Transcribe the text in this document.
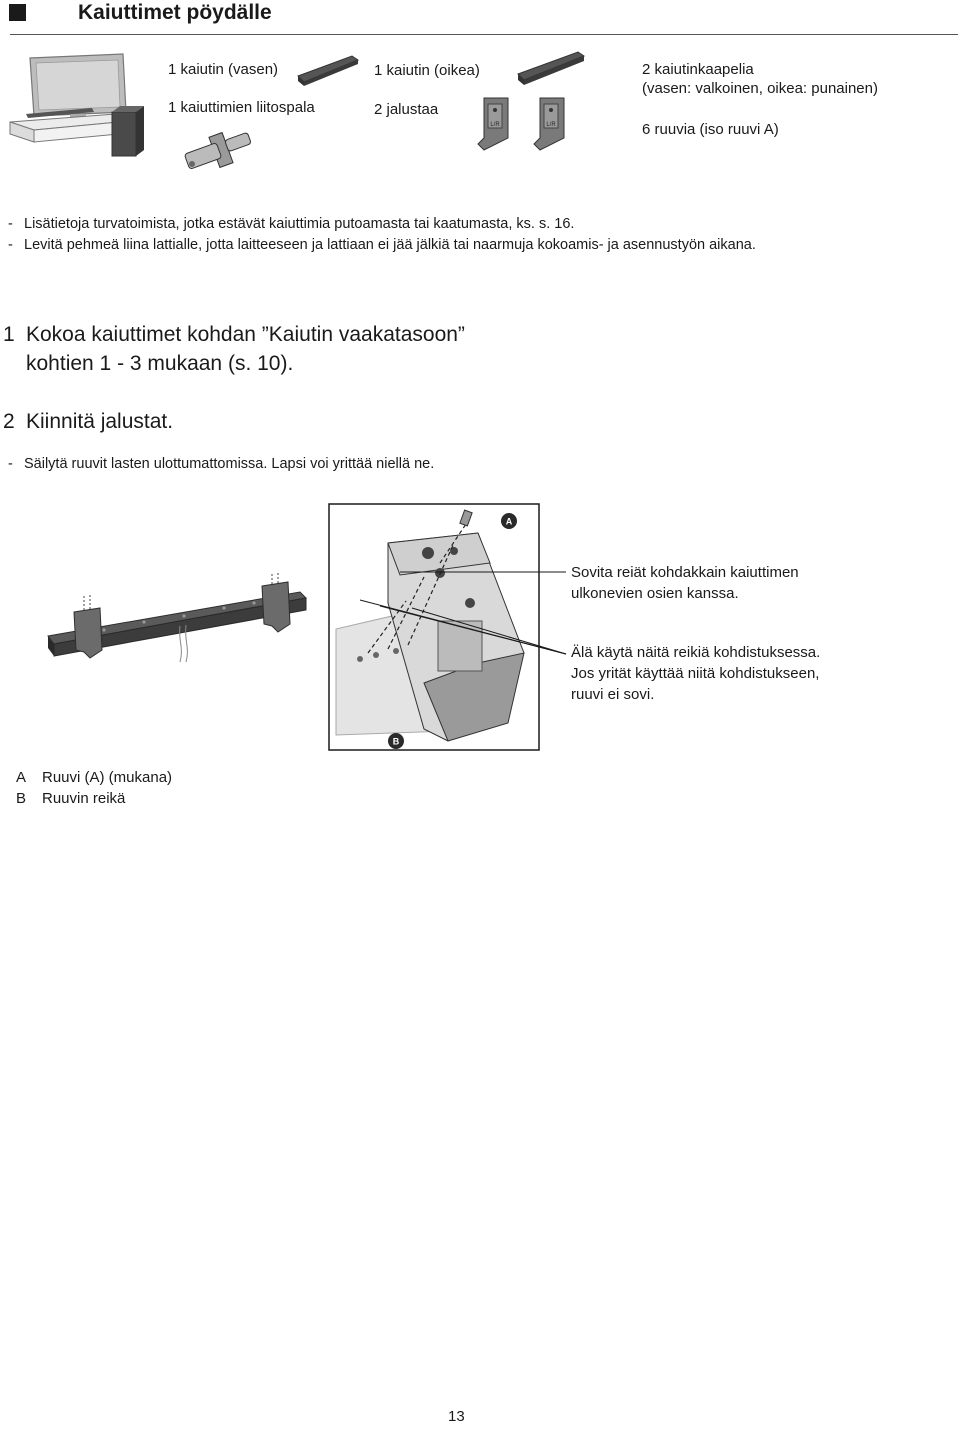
Kaiuttimet pöydälle
L/R	L/R
1 kaiutin (vasen)
1 kaiuttimien liitospala
1 kaiutin (oikea)
2 jalustaa
2 kaiutinkaapelia
(vasen: valkoinen, oikea: punainen)
6 ruuvia (iso ruuvi A)
- Lisätietoja turvatoimista, jotka estävät kaiuttimia putoamasta tai kaatumasta, ks. s. 16.
- Levitä pehmeä liina lattialle, jotta laitteeseen ja lattiaan ei jää jälkiä tai naarmuja kokoamis- ja asennustyön aikana.
1 Kokoa kaiuttimet kohdan ”Kaiutin vaakatasoon”
kohtien 1 - 3 mukaan (s. 10).
2 Kiinnitä jalustat.
- Säilytä ruuvit lasten ulottumattomissa. Lapsi voi yrittää niellä ne.
A
B
Sovita reiät kohdakkain kaiuttimen
ulkonevien osien kanssa.
Älä käytä näitä reikiä kohdistuksessa.
Jos yrität käyttää niitä kohdistukseen,
ruuvi ei sovi.
A Ruuvi (A) (mukana)
B Ruuvin reikä
13
